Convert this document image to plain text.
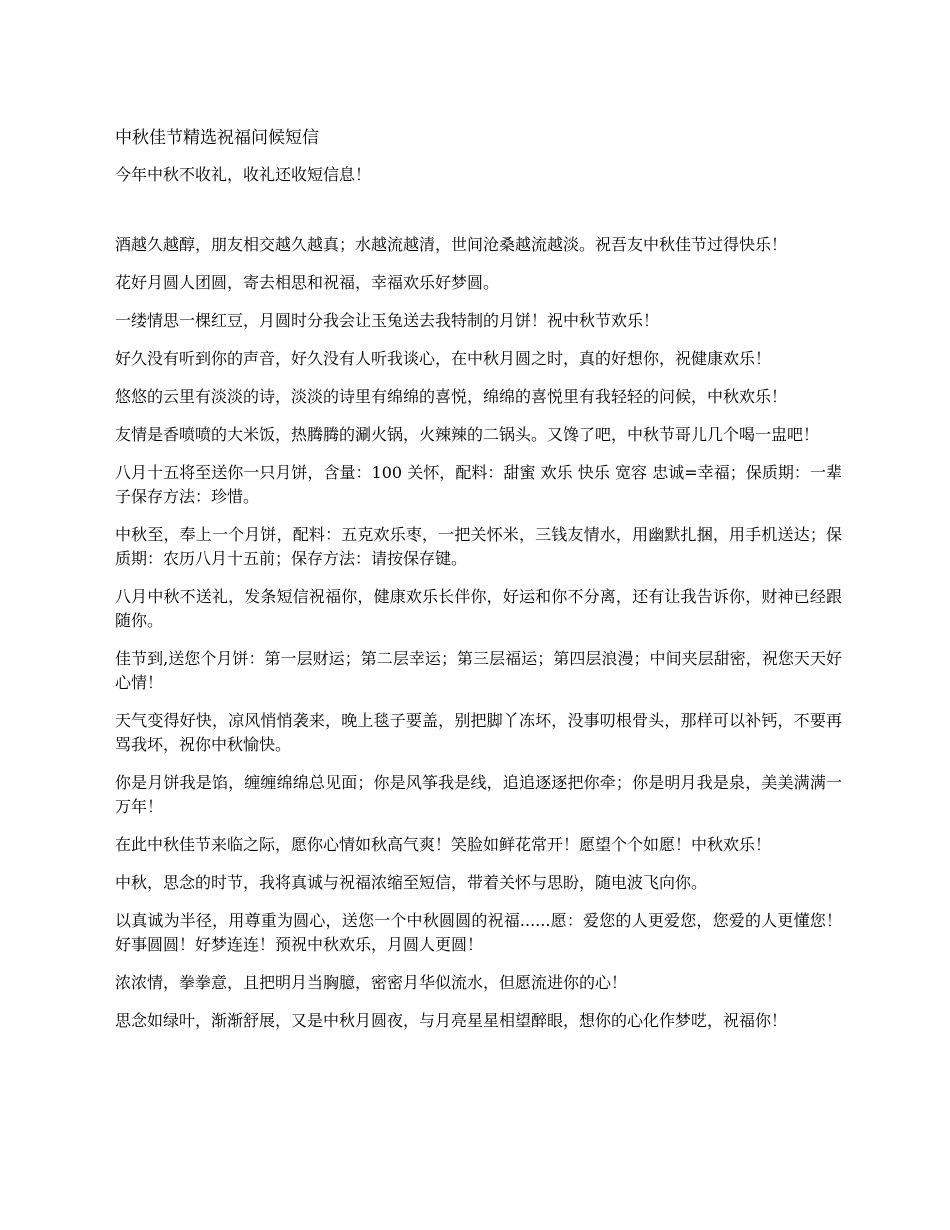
中秋佳节精选祝福问候短信

今年中秋不收礼，收礼还收短信息！

酒越久越醇，朋友相交越久越真；水越流越清，世间沧桑越流越淡。祝吾友中秋佳节过得快乐！

花好月圆人团圆，寄去相思和祝福，幸福欢乐好梦圆。

一缕情思一棵红豆，月圆时分我会让玉兔送去我特制的月饼！祝中秋节欢乐！

好久没有听到你的声音，好久没有人听我谈心，在中秋月圆之时，真的好想你，祝健康欢乐！

悠悠的云里有淡淡的诗，淡淡的诗里有绵绵的喜悦，绵绵的喜悦里有我轻轻的问候，中秋欢乐！

友情是香喷喷的大米饭，热腾腾的涮火锅，火辣辣的二锅头。又馋了吧，中秋节哥儿几个喝一盅吧！

八月十五将至送你一只月饼，含量：100 关怀，配料：甜蜜 欢乐 快乐 宽容 忠诚=幸福；保质期：一辈子保存方法：珍惜。

中秋至，奉上一个月饼，配料：五克欢乐枣，一把关怀米，三钱友情水，用幽默扎捆，用手机送达；保质期：农历八月十五前；保存方法：请按保存键。

八月中秋不送礼，发条短信祝福你，健康欢乐长伴你，好运和你不分离，还有让我告诉你，财神已经跟随你。

佳节到,送您个月饼：第一层财运；第二层幸运；第三层福运；第四层浪漫；中间夹层甜密，祝您天天好心情！

天气变得好快，凉风悄悄袭来，晚上毯子要盖，别把脚丫冻坏，没事叨根骨头，那样可以补钙，不要再骂我坏，祝你中秋愉快。

你是月饼我是馅，缠缠绵绵总见面；你是风筝我是线，追追逐逐把你牵；你是明月我是泉，美美满满一万年！

在此中秋佳节来临之际，愿你心情如秋高气爽！笑脸如鲜花常开！愿望个个如愿！中秋欢乐！

中秋，思念的时节，我将真诚与祝福浓缩至短信，带着关怀与思盼，随电波飞向你。

以真诚为半径，用尊重为圆心，送您一个中秋圆圆的祝福......愿：爱您的人更爱您，您爱的人更懂您！好事圆圆！好梦连连！预祝中秋欢乐，月圆人更圆！

浓浓情，拳拳意，且把明月当胸臆，密密月华似流水，但愿流进你的心！

思念如绿叶，渐渐舒展，又是中秋月圆夜，与月亮星星相望醉眼，想你的心化作梦呓，祝福你！
